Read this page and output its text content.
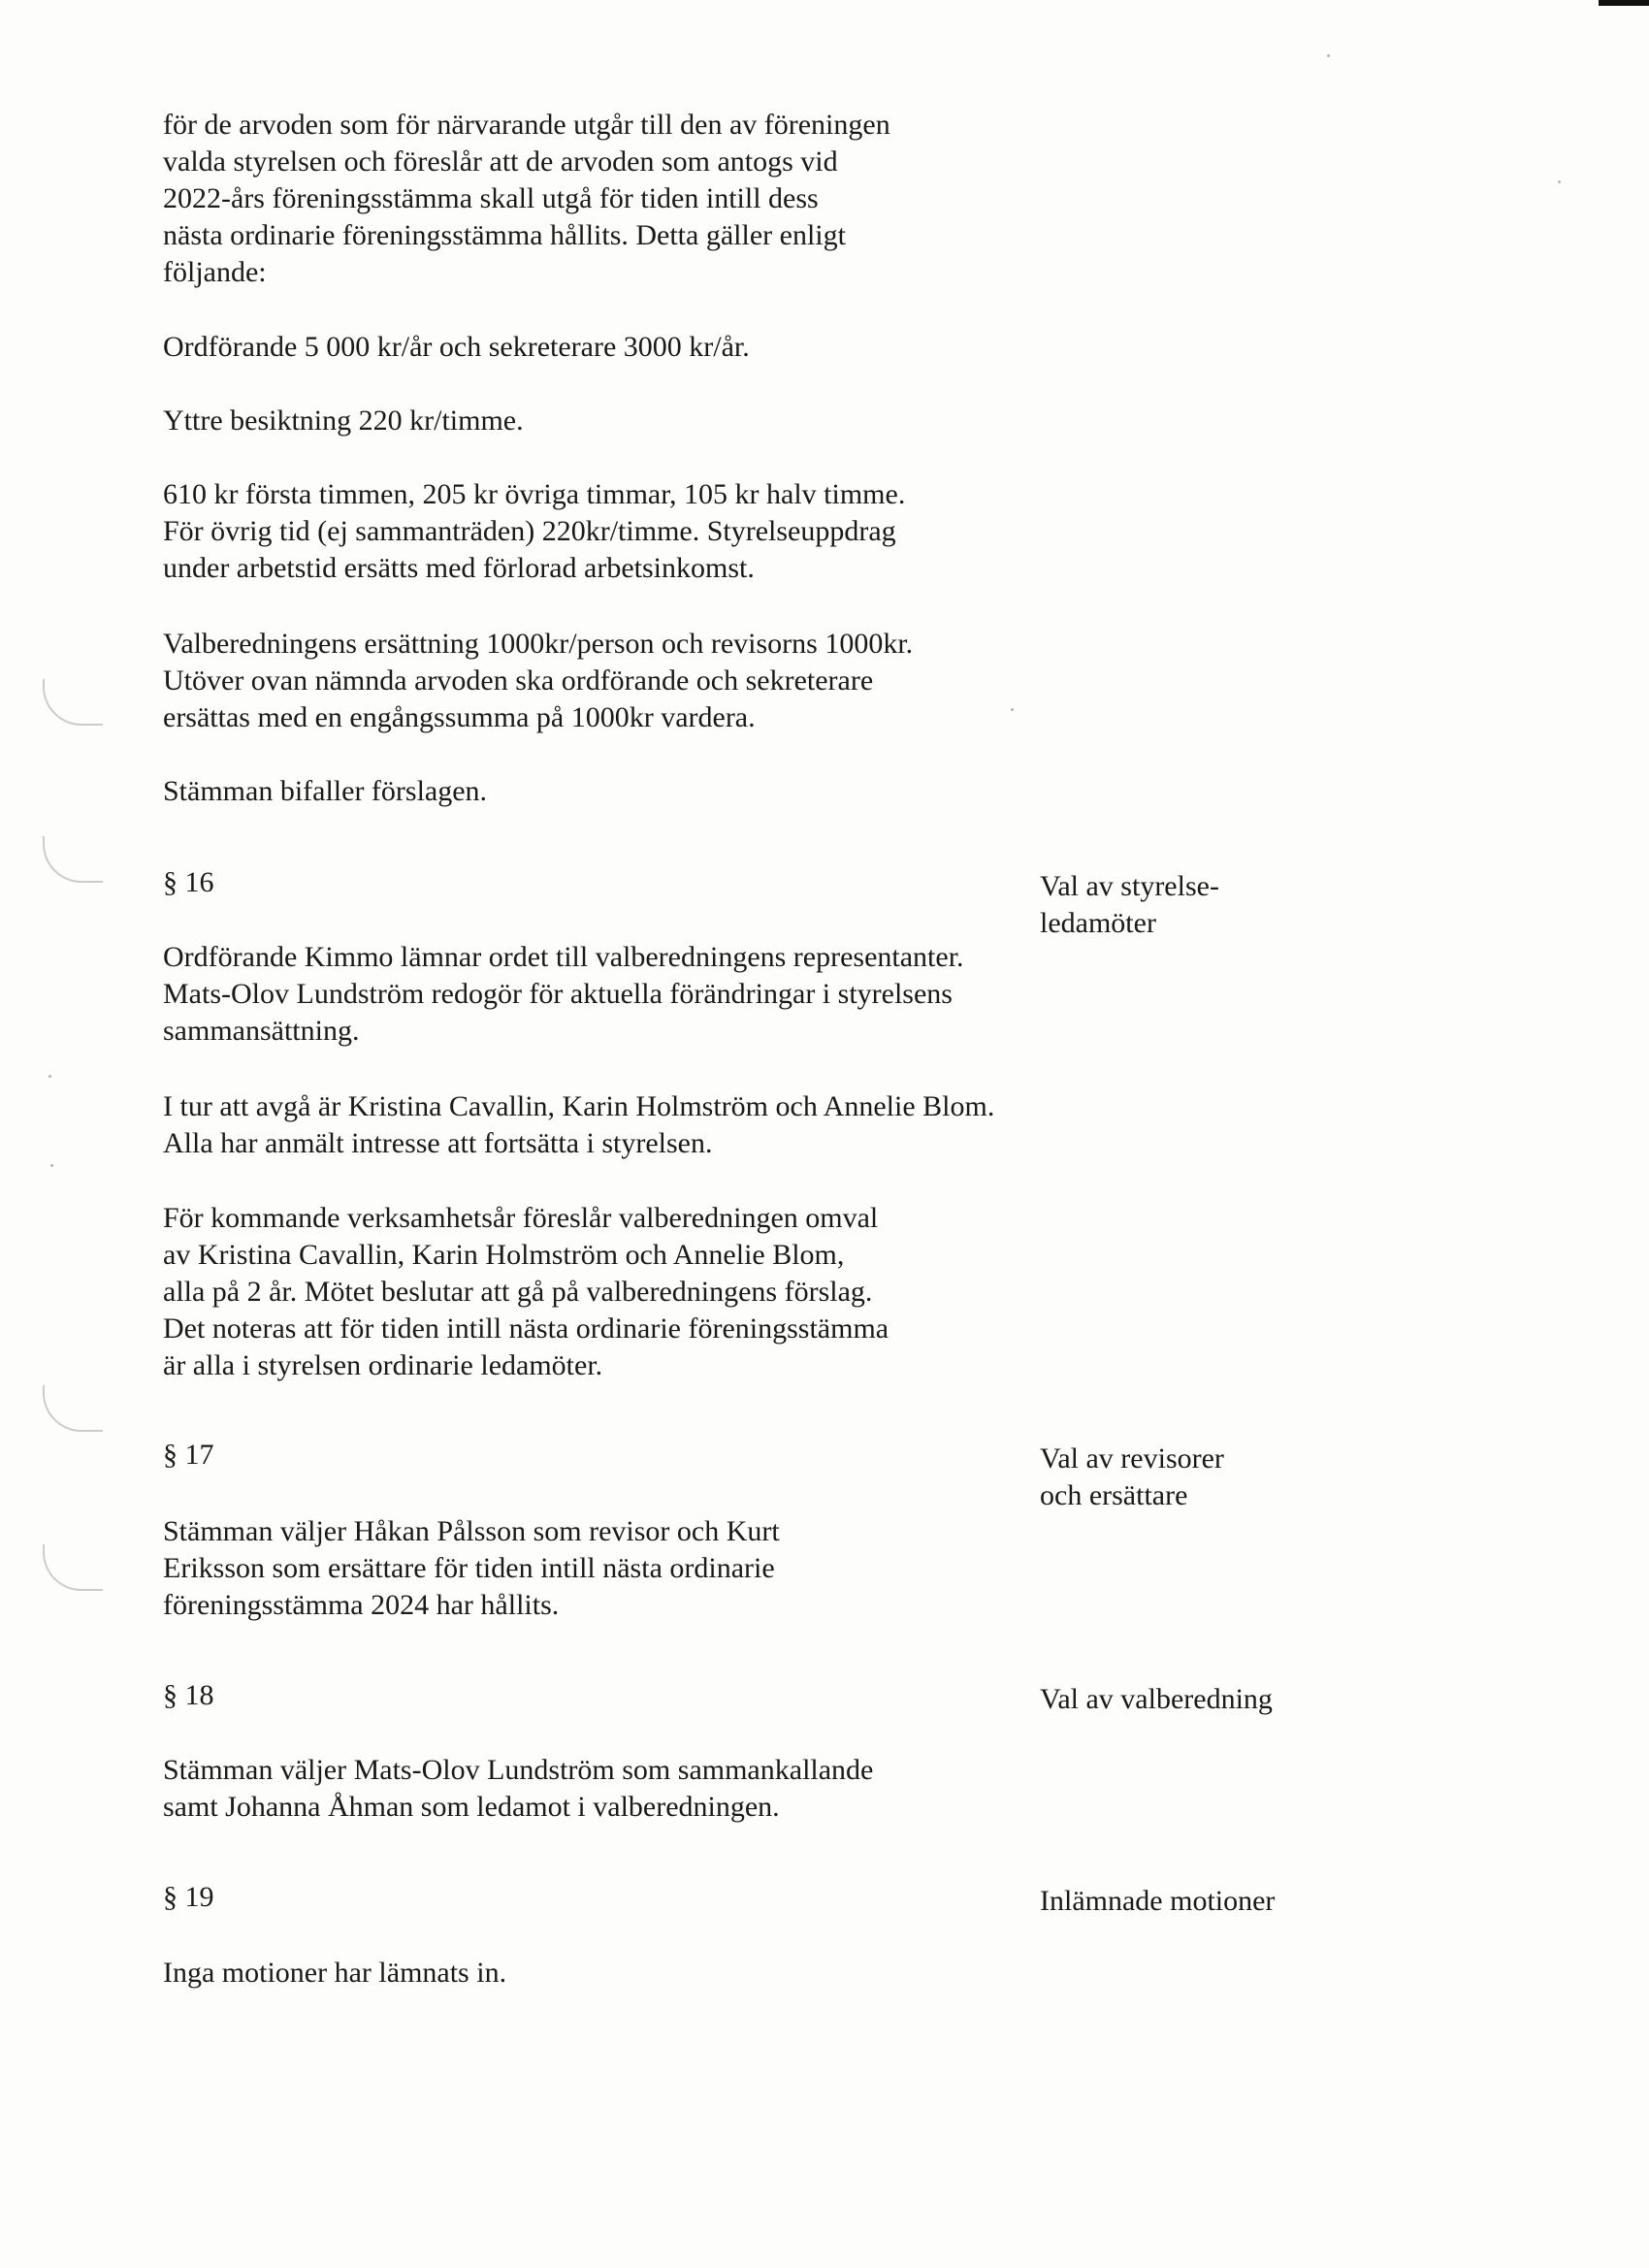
för de arvoden som för närvarande utgår till den av föreningen
valda styrelsen och föreslår att de arvoden som antogs vid
2022-års föreningsstämma skall utgå för tiden intill dess
nästa ordinarie föreningsstämma hållits. Detta gäller enligt
följande:
Ordförande 5 000 kr/år och sekreterare 3000 kr/år.
Yttre besiktning 220 kr/timme.
610 kr första timmen, 205 kr övriga timmar, 105 kr halv timme.
För övrig tid (ej sammanträden) 220kr/timme. Styrelseuppdrag
under arbetstid ersätts med förlorad arbetsinkomst.
Valberedningens ersättning 1000kr/person och revisorns 1000kr.
Utöver ovan nämnda arvoden ska ordförande och sekreterare
ersättas med en engångssumma på 1000kr vardera.
Stämman bifaller förslagen.
§ 16	Val av styrelse-
ledamöter
Ordförande Kimmo lämnar ordet till valberedningens representanter.
Mats-Olov Lundström redogör för aktuella förändringar i styrelsens
sammansättning.
I tur att avgå är Kristina Cavallin, Karin Holmström och Annelie Blom.
Alla har anmält intresse att fortsätta i styrelsen.
För kommande verksamhetsår föreslår valberedningen omval
av Kristina Cavallin, Karin Holmström och Annelie Blom,
alla på 2 år. Mötet beslutar att gå på valberedningens förslag.
Det noteras att för tiden intill nästa ordinarie föreningsstämma
är alla i styrelsen ordinarie ledamöter.
§ 17	Val av revisorer
och ersättare
Stämman väljer Håkan Pålsson som revisor och Kurt
Eriksson som ersättare för tiden intill nästa ordinarie
föreningsstämma 2024 har hållits.
§ 18	Val av valberedning
Stämman väljer Mats-Olov Lundström som sammankallande
samt Johanna Åhman som ledamot i valberedningen.
§ 19	Inlämnade motioner
Inga motioner har lämnats in.
